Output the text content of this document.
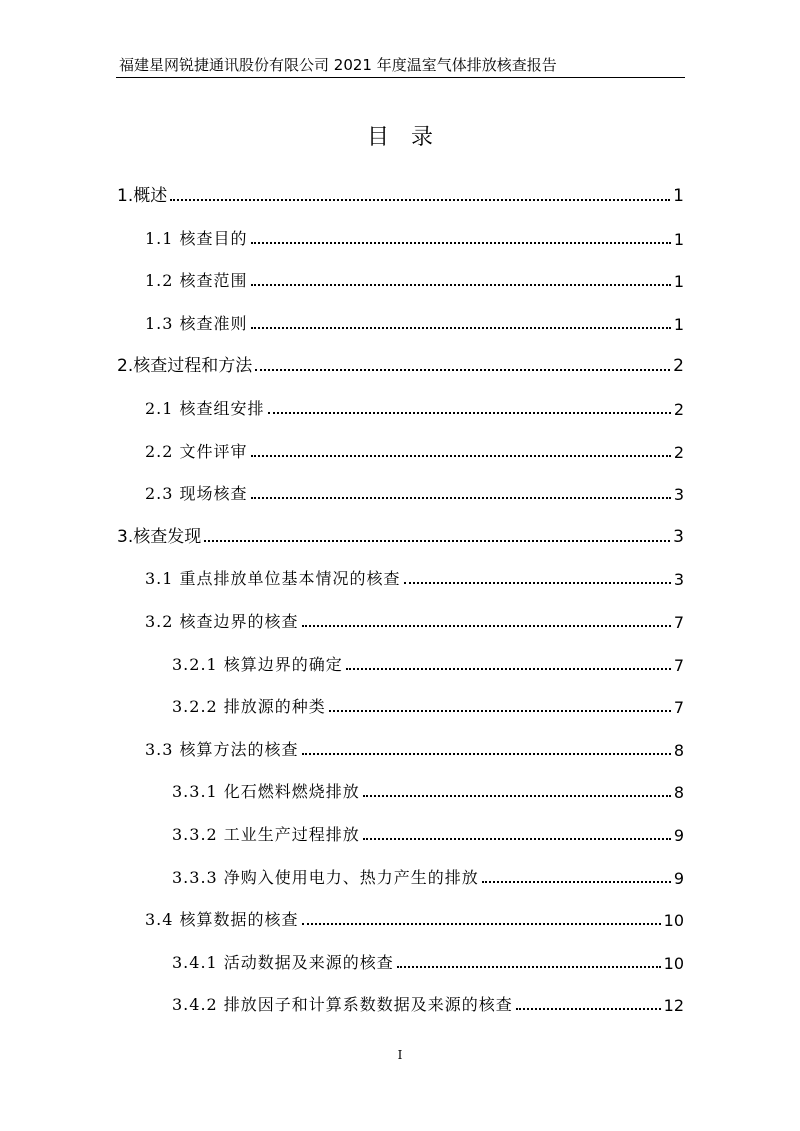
福建星网锐捷通讯股份有限公司 2021 年度温室气体排放核查报告
目录
1.概述	1
1.1 核查目的	1
1.2 核查范围	1
1.3 核查准则	1
2.核查过程和方法	2
2.1 核查组安排	2
2.2 文件评审	2
2.3 现场核查	3
3.核查发现	3
3.1 重点排放单位基本情况的核查	3
3.2 核查边界的核查	7
3.2.1 核算边界的确定	7
3.2.2 排放源的种类	7
3.3 核算方法的核查	8
3.3.1 化石燃料燃烧排放	8
3.3.2 工业生产过程排放	9
3.3.3 净购入使用电力、热力产生的排放	9
3.4 核算数据的核查	10
3.4.1 活动数据及来源的核查	10
3.4.2 排放因子和计算系数数据及来源的核查	12
I
